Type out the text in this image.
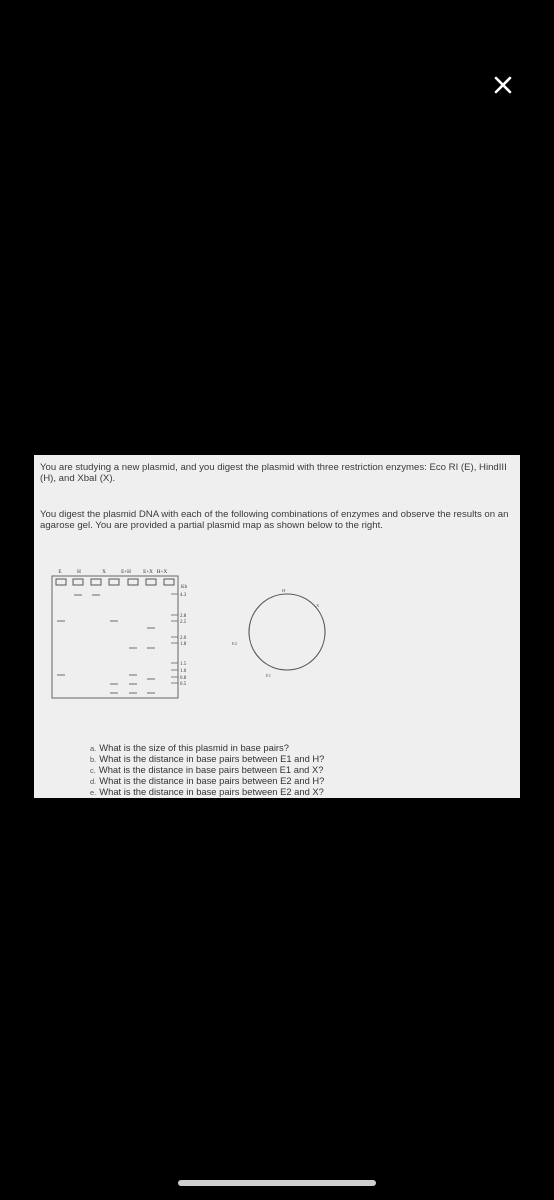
You are studying a new plasmid, and you digest the plasmid with three restriction enzymes: Eco RI (E), HindIII (H), and XbaI (X).

You digest the plasmid DNA with each of the following combinations of enzymes and observe the results on an agarose gel. You are provided a partial plasmid map as shown below to the right.

E	H	X	E+H E+X H+X
Kb
4.3
2.8
2.5
2.0
1.8
1.5
1.0
0.8
0.5
H
X
E2
E1
a. What is the size of this plasmid in base pairs?
b. What is the distance in base pairs between E1 and H?
c. What is the distance in base pairs between E1 and X?
d. What is the distance in base pairs between E2 and H?
e. What is the distance in base pairs between E2 and X?
